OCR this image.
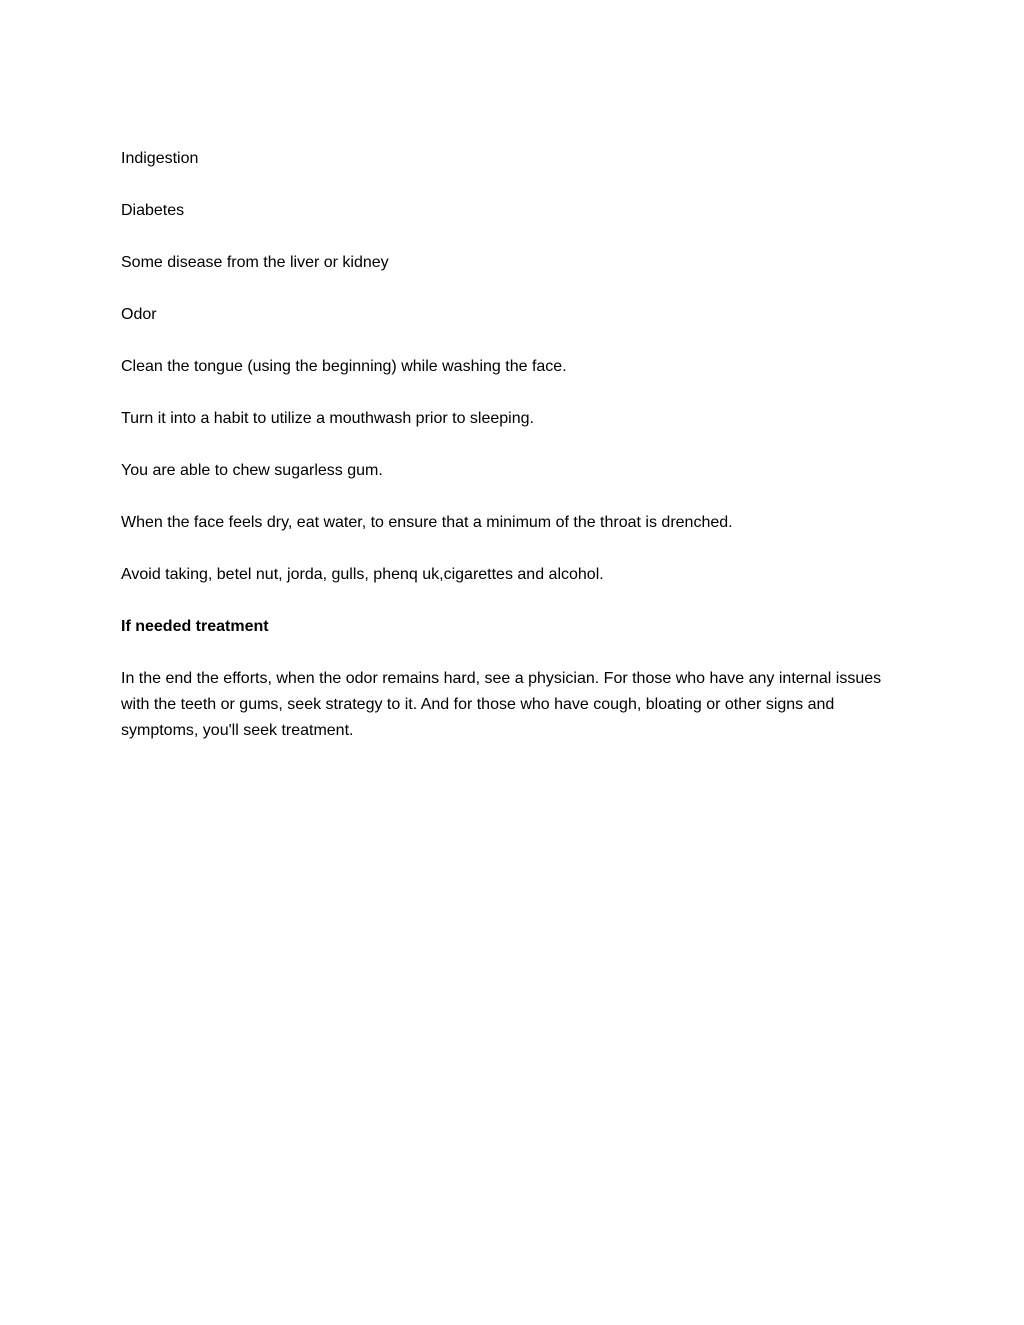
Indigestion

Diabetes

Some disease from the liver or kidney

Odor

Clean the tongue (using the beginning) while washing the face.

Turn it into a habit to utilize a mouthwash prior to sleeping.

You are able to chew sugarless gum.

When the face feels dry, eat water, to ensure that a minimum of the throat is drenched.

Avoid taking, betel nut, jorda, gulls, phenq uk,cigarettes and alcohol.

If needed treatment

In the end the efforts, when the odor remains hard, see a physician. For those who have any internal issues with the teeth or gums, seek strategy to it. And for those who have cough, bloating or other signs and symptoms, you'll seek treatment.
